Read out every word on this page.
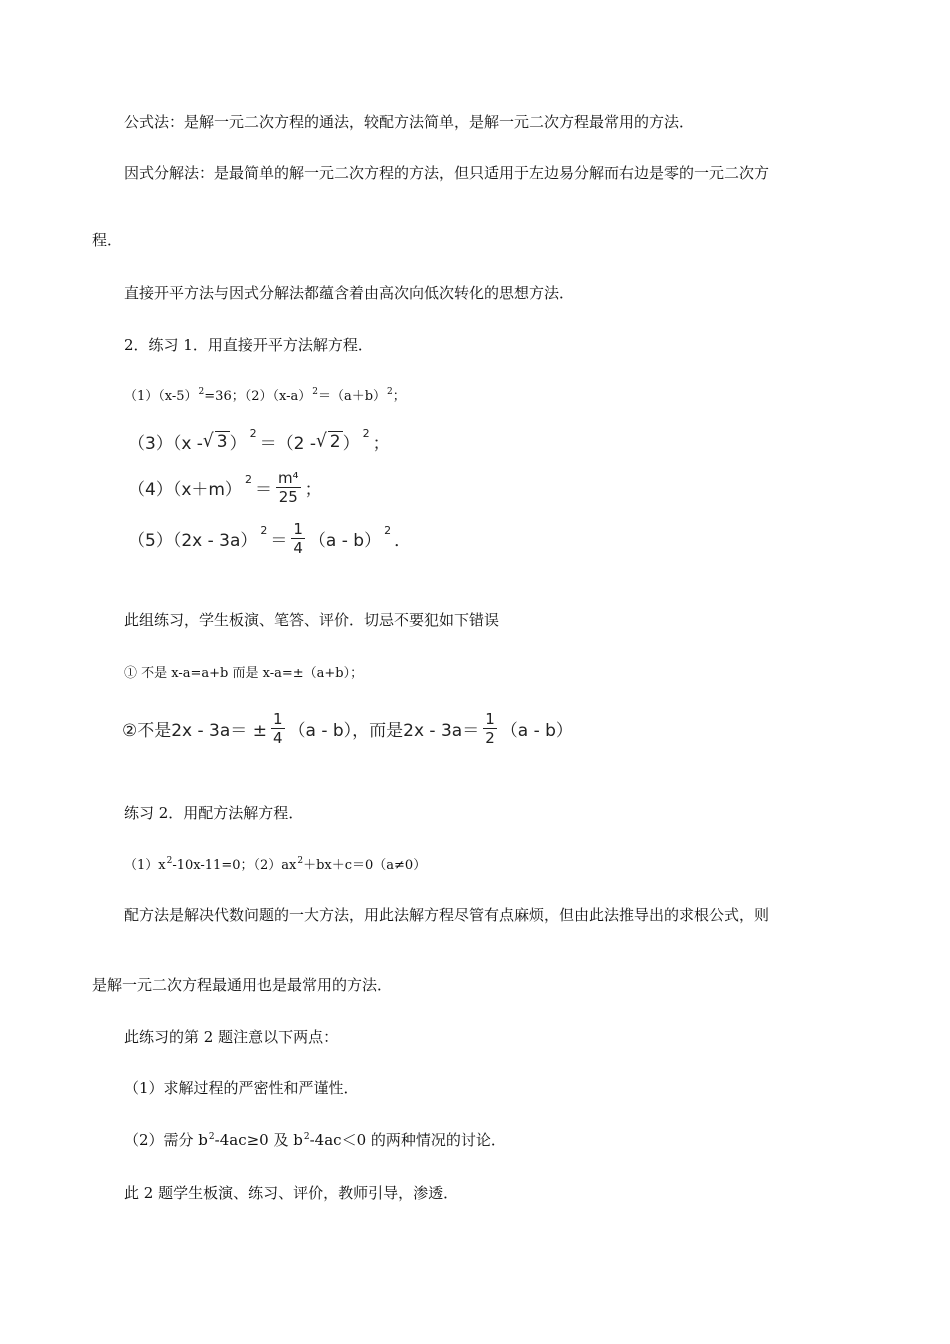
公式法：是解一元二次方程的通法，较配方法简单，是解一元二次方程最常用的方法．
因式分解法：是最简单的解一元二次方程的方法，但只适用于左边易分解而右边是零的一元二次方
程．
直接开平方法与因式分解法都蕴含着由高次向低次转化的思想方法．
2．练习 1．用直接开平方法解方程．
$(1)(x-5)^2=36$；$(2)(x-a)^2=(a+b)^2$；
（3）（x - √ 3 ）
2
＝（2 - √ 2 ）
2
；
（4）（x＋m）
2
＝ $\frac{\text{m⁴}}{25}$ ；
（5）（2x - 3a）
2
＝ $\frac{1}{4} (a - b)$
2
．
此组练习，学生板演、笔答、评价．切忌不要犯如下错误
① 不是 x-a=a+b 而是 x-a=±（a+b）；
②不是$2x - 3a= \pm \frac{1}{4} (a - b)$，而是$2x - 3a= \frac{1}{2} (a - b)$
练习 2．用配方法解方程．
$(1)x^2-10x-11=0$；$(2)ax^2+bx+c=0(a\ne 0)$
配方法是解决代数问题的一大方法，用此法解方程尽管有点麻烦，但由此法推导出的求根公式，则
是解一元二次方程最通用也是最常用的方法．
此练习的第 2 题注意以下两点：
（1）求解过程的严密性和严谨性．
（2）需分 $b^2-4ac\ge 0$ 及 $b^2-4ac<0$ 的两种情况的讨论．
此 2 题学生板演、练习、评价，教师引导，渗透．
